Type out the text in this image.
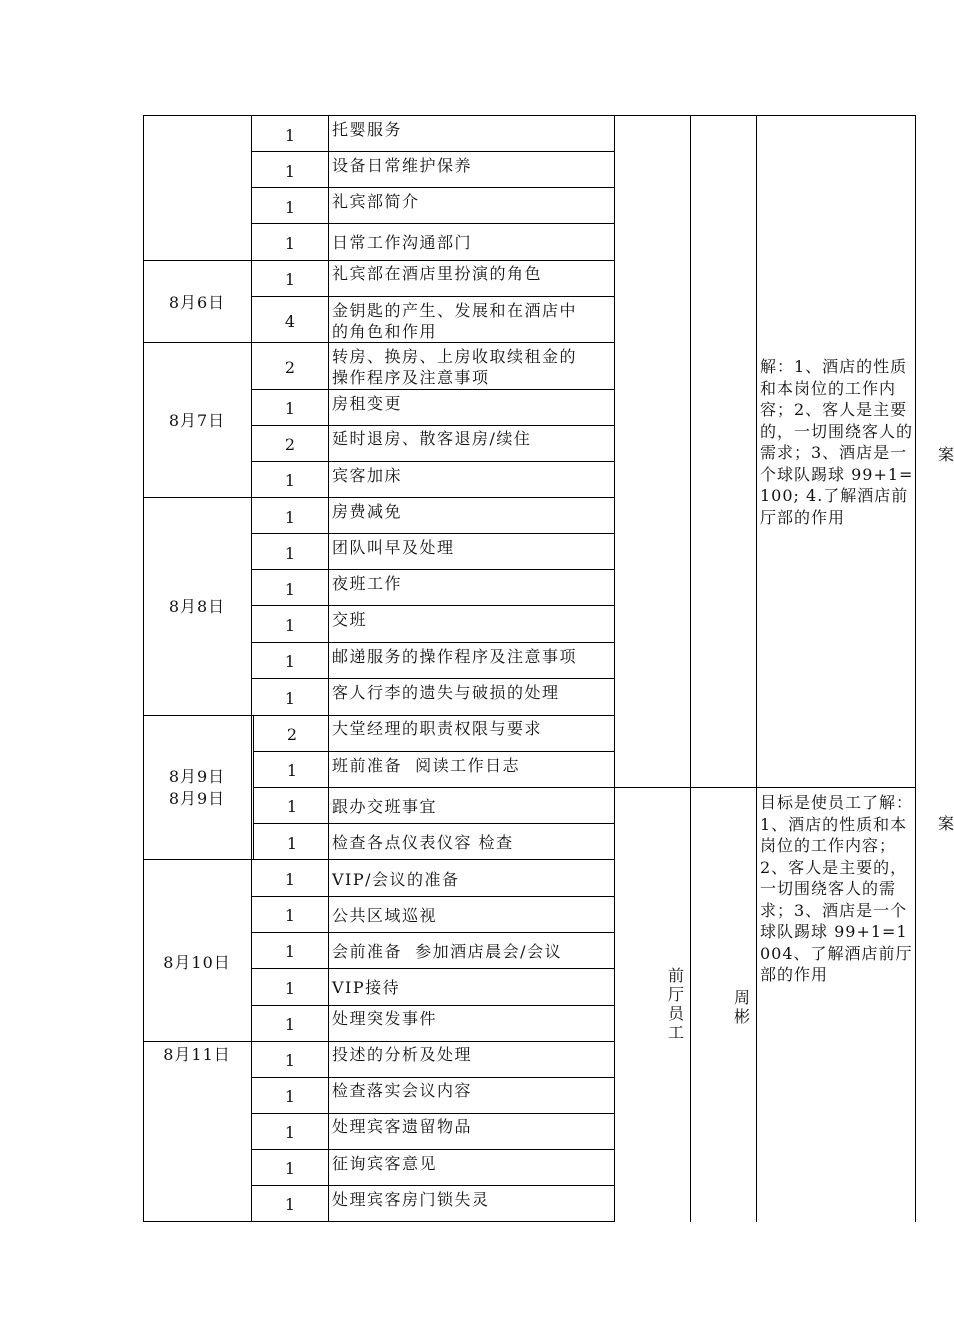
8月6日
8月7日
8月8日
8月9日
8月9日
8月10日
8月11日
1
1
1
1
1
4
2
1
2
1
1
1
1
1
1
1
2
1
1
1
1
1
1
1
1
1
1
1
1
1
托婴服务
设备日常维护保养
礼宾部简介
日常工作沟通部门
礼宾部在酒店里扮演的角色
金钥匙的产生、发展和在酒店中
的角色和作用
转房、换房、上房收取续租金的
操作程序及注意事项
房租变更
延时退房、散客退房/续住
宾客加床
房费减免
团队叫早及处理
夜班工作
交班
邮递服务的操作程序及注意事项
客人行李的遗失与破损的处理
大堂经理的职责权限与要求
班前准备  阅读工作日志
跟办交班事宜
检查各点仪表仪容 检查
VIP/会议的准备
公共区域巡视
会前准备  参加酒店晨会/会议
VIP接待
处理突发事件
投述的分析及处理
检查落实会议内容
处理宾客遗留物品
征询宾客意见
处理宾客房门锁失灵
前厅员工
周彬
解：1、酒店的性质和本岗位的工作内容；2、客人是主要的，一切围绕客人的需求；3、酒店是一个球队踢球 99+1=100; 4.了解酒店前厅部的作用
目标是使员工了解：1、酒店的性质和本岗位的工作内容；2、客人是主要的，一切围绕客人的需求；3、酒店是一个球队踢球 99+1=1004、了解酒店前厅部的作用
案
案
